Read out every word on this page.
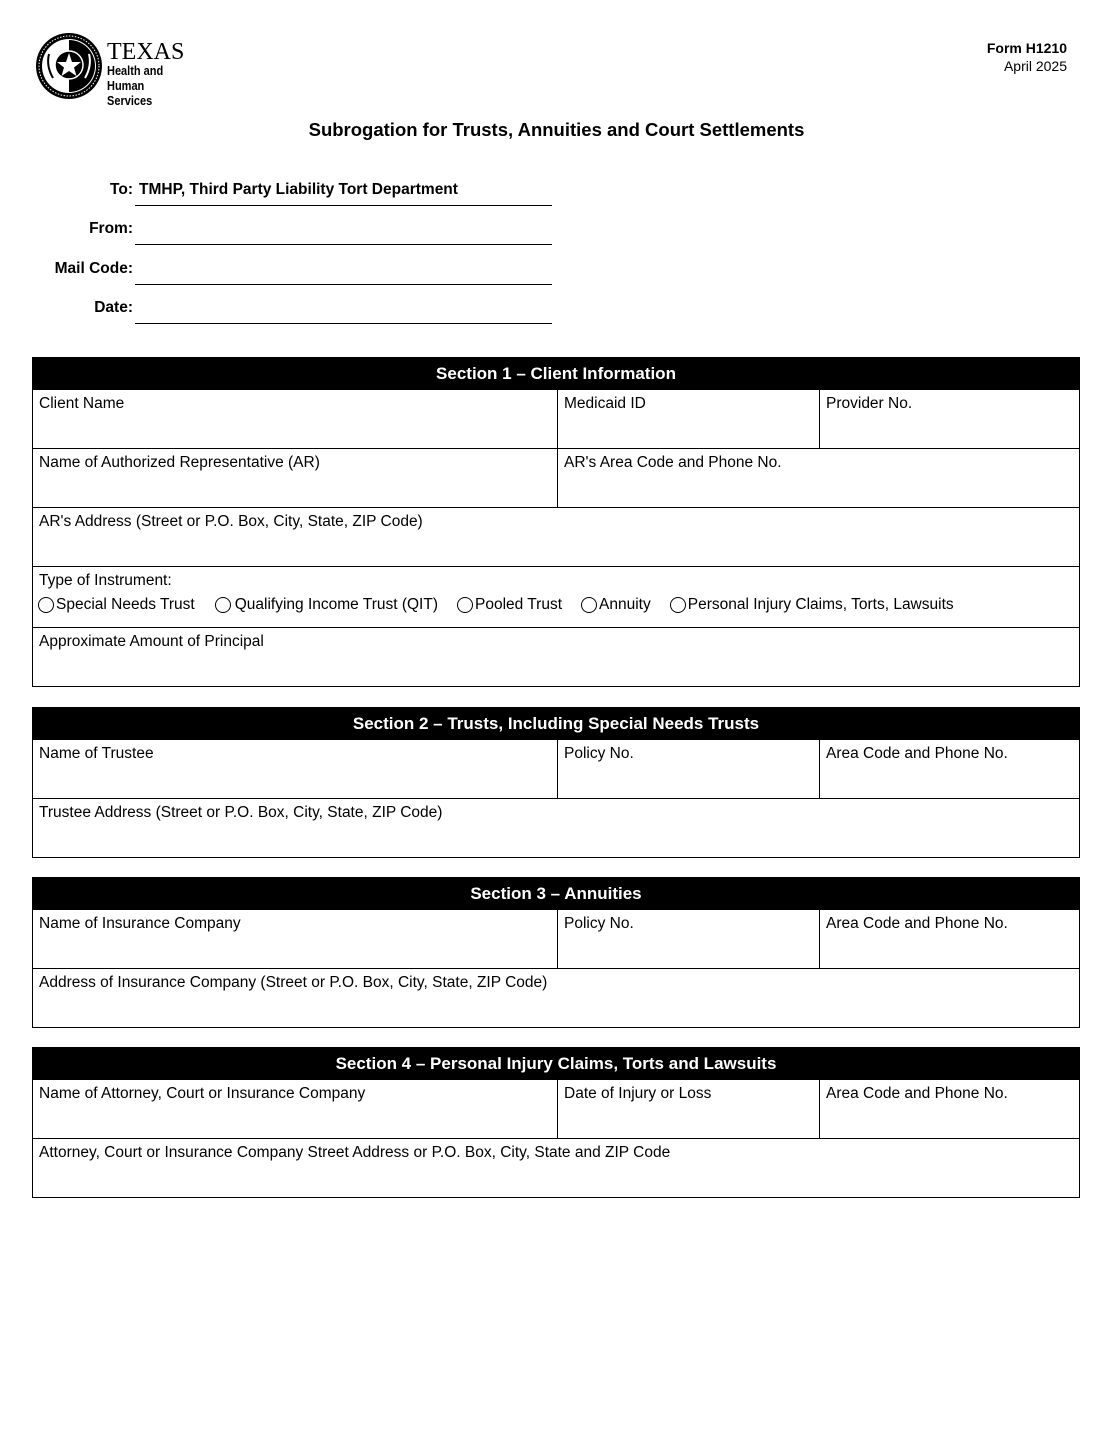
TEXAS
Health and Human
Services
Form H1210
April 2025
Subrogation for Trusts, Annuities and Court Settlements
To: TMHP, Third Party Liability Tort Department
From:
Mail Code:
Date:
Section 1 – Client Information
Client Name	Medicaid ID	Provider No.
Name of Authorized Representative (AR)	AR's Area Code and Phone No.
AR's Address (Street or P.O. Box, City, State, ZIP Code)
Type of Instrument:
Special Needs Trust	Qualifying Income Trust (QIT) Pooled Trust Annuity Personal Injury Claims, Torts, Lawsuits
Approximate Amount of Principal
Section 2 – Trusts, Including Special Needs Trusts
Name of Trustee	Policy No.	Area Code and Phone No.
Trustee Address (Street or P.O. Box, City, State, ZIP Code)
Section 3 – Annuities
Name of Insurance Company	Policy No.	Area Code and Phone No.
Address of Insurance Company (Street or P.O. Box, City, State, ZIP Code)
Section 4 – Personal Injury Claims, Torts and Lawsuits
Name of Attorney, Court or Insurance Company	Date of Injury or Loss	Area Code and Phone No.
Attorney, Court or Insurance Company Street Address or P.O. Box, City, State and ZIP Code
